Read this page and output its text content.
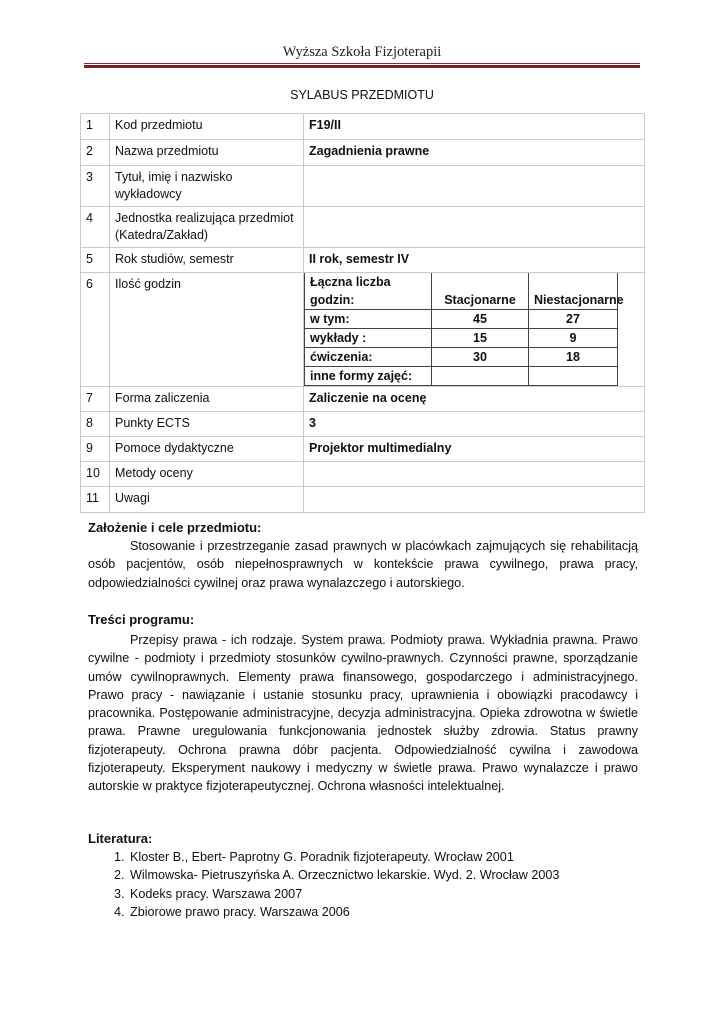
Wyższa Szkoła Fizjoterapii
SYLABUS PRZEDMIOTU
1	Kod przedmiotu	F19/II
2	Nazwa przedmiotu	Zagadnienia prawne
3	Tytuł, imię i nazwisko wykładowcy	
4	Jednostka realizująca przedmiot (Katedra/Zakład)	
5	Rok studiów, semestr	II rok, semestr IV
6	Ilość godzin		Łączna liczba godzin:	Stacjonarne	Niestacjonarne
w tym:	45	27
wykłady :	15	9
ćwiczenia:	30	18
inne formy zajęć:		

7	Forma zaliczenia	Zaliczenie na ocenę
8	Punkty ECTS	3
9	Pomoce dydaktyczne	Projektor multimedialny
10	Metody oceny	
11	Uwagi	
Założenie i cele przedmiotu:

Stosowanie i przestrzeganie zasad prawnych w placówkach zajmujących się rehabilitacją osób pacjentów, osób niepełnosprawnych w kontekście prawa cywilnego, prawa pracy, odpowiedzialności cywilnej oraz prawa wynalazczego i autorskiego.

Treści programu:

Przepisy prawa - ich rodzaje. System prawa. Podmioty prawa. Wykładnia prawna. Prawo cywilne - podmioty i przedmioty stosunków cywilno-prawnych. Czynności prawne, sporządzanie umów cywilnoprawnych. Elementy prawa finansowego, gospodarczego i administracyjnego. Prawo pracy - nawiązanie i ustanie stosunku pracy, uprawnienia i obowiązki pracodawcy i pracownika. Postępowanie administracyjne, decyzja administracyjna. Opieka zdrowotna w świetle prawa. Prawne uregulowania funkcjonowania jednostek służby zdrowia. Status prawny fizjoterapeuty. Ochrona prawna dóbr pacjenta. Odpowiedzialność cywilna i zawodowa fizjoterapeuty. Eksperyment naukowy i medyczny w świetle prawa. Prawo wynalazcze i prawo autorskie w praktyce fizjoterapeutycznej. Ochrona własności intelektualnej.

Literatura:
1. Kloster B., Ebert- Paprotny G. Poradnik fizjoterapeuty. Wrocław 2001
2. Wilmowska- Pietruszyńska A. Orzecznictwo lekarskie. Wyd. 2. Wrocław 2003
3. Kodeks pracy. Warszawa 2007
4. Zbiorowe prawo pracy. Warszawa 2006
